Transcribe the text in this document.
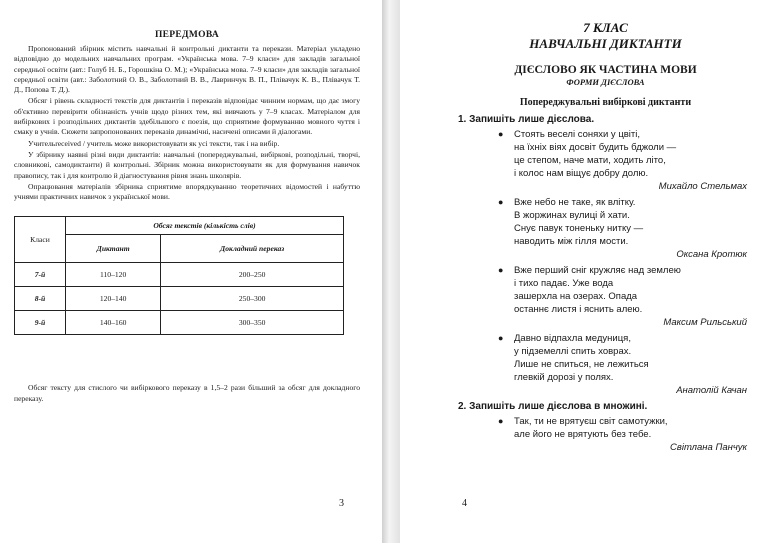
ПЕРЕДМОВА

Пропонований збірник містить навчальні й контрольні диктанти та перекази. Матеріал укладено відповідно до модельних навчальних програм. «Українська мова. 7–9 класи» для закладів загальної середньої освіти (авт.: Голуб Н. Б., Горошкіна О. М.); «Українська мова. 7–9 класи» для закладів загальної середньої освіти (авт.: Заболотний О. В., Заболотний В. В., Лавринчук В. П., Плівачук К. В., Плівачук Т. Д., Попова Т. Д.).

Обсяг і рівень складності текстів для диктантів і переказів відповідає чинним нормам, що дає змогу об'єктивно перевірити обізнаність учнів щодо різних тем, які вивчають у 7–9 класах. Матеріалом для вибіркових і розподільних диктантів здебільшого є поезія, що сприятиме формуванню мовного чуття і смаку в учнів. Сюжети запропонованих переказів динамічні, насичені описами й діалогами.

Учительreceived / учитель може використовувати як усі тексти, так і на вибір.

У збірнику наявні різні види диктантів: навчальні (попереджувальні, вибіркові, розподільні, творчі, словникові, самодиктанти) й контрольні. Збірник можна використовувати як для формування навичок правопису, так і для контролю й діагностування рівня знань школярів.

Опрацювання матеріалів збірника сприятиме впорядкуванню теоретичних відомостей і набуттю учнями практичних навичок з української мови.

Класи	Обсяг текстів (кількість слів)	
	Диктант	Докладний переказ
7-й	110–120	200–250
8-й	120–140	250–300
9-й	140–160	300–350

Обсяг тексту для стислого чи вибіркового переказу в 1,5–2 рази більший за обсяг для докладного переказу.

3
7 КЛАС
НАВЧАЛЬНІ ДИКТАНТИ
ДІЄСЛОВО ЯК ЧАСТИНА МОВИ
ФОРМИ ДІЄСЛОВА
Попереджувальні вибіркові диктанти
1. Запишіть лише дієслова.
● Стоять веселі соняхи у цвіті,
на їхніх віях досвіт будить бджоли —
це степом, наче мати, ходить літо,
і колос нам віщує добру долю.
Михайло Стельмах
● Вже небо не таке, як влітку.
В жоржинах вулиці й хати.
Снує павук тоненьку нитку —
наводить між гілля мости.
Оксана Кротюк
● Вже перший сніг кружляє над землею
і тихо падає. Уже вода
зашерхла на озерах. Опада
останнє листя і яснить алею.
Максим Рильський
● Давно відпахла медуниця,
у підземеллі спить ховрах.
Лише не спиться, не лежиться
глевкій дорозі у полях.
Анатолій Качан
2. Запишіть лише дієслова в множині.
● Так, ти не врятуєш світ самотужки,
але його не врятують без тебе.
Світлана Панчук
4
